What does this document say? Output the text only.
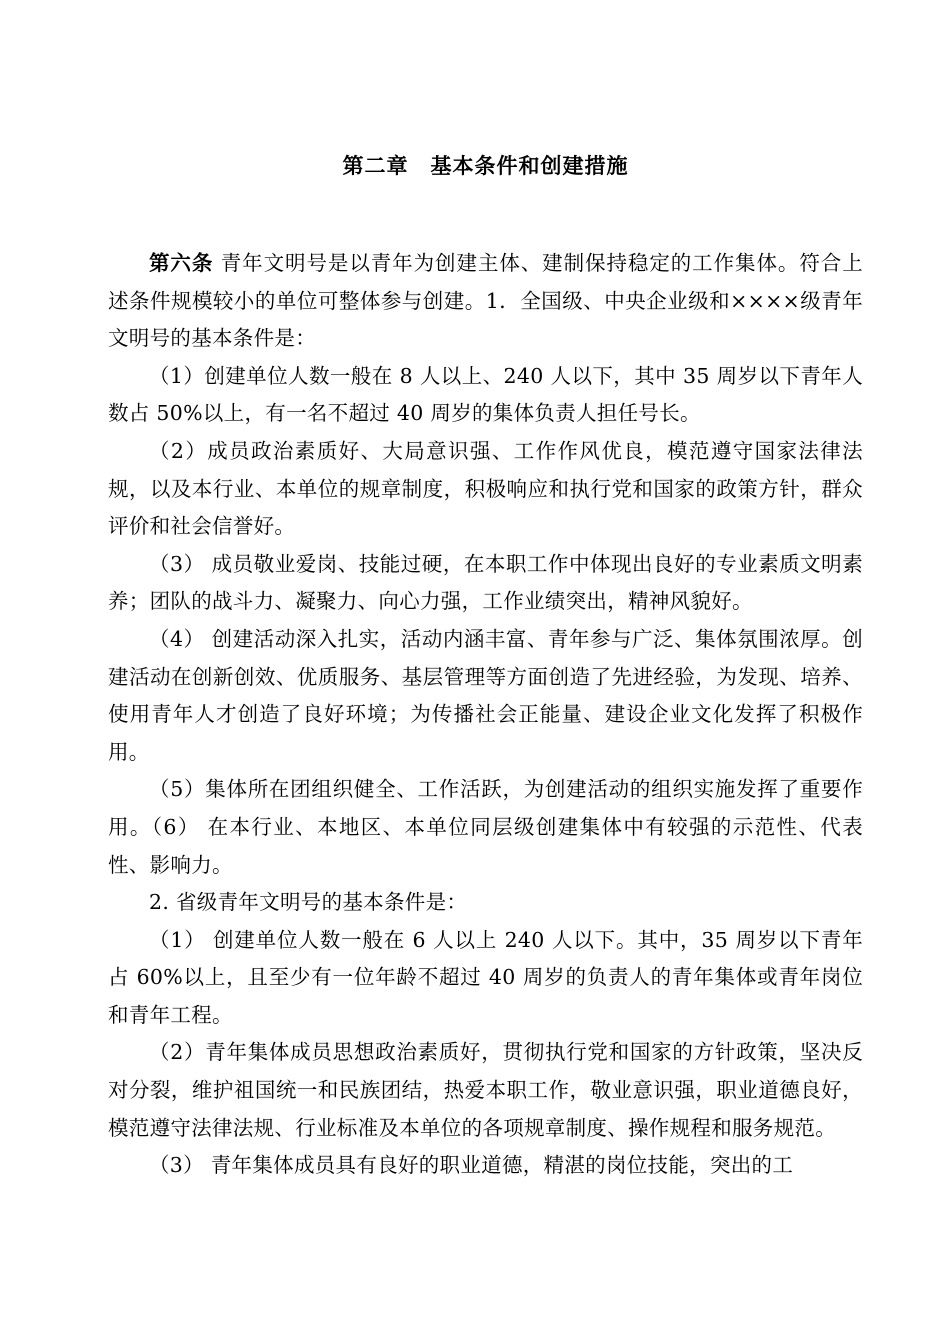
第二章　基本条件和创建措施

第六条 青年文明号是以青年为创建主体、建制保持稳定的工作集体。符合上述条件规模较小的单位可整体参与创建。1．全国级、中央企业级和××××级青年文明号的基本条件是：

（1）创建单位人数一般在 8 人以上、240 人以下，其中 35 周岁以下青年人数占 50%以上，有一名不超过 40 周岁的集体负责人担任号长。

（2）成员政治素质好、大局意识强、工作作风优良，模范遵守国家法律法规，以及本行业、本单位的规章制度，积极响应和执行党和国家的政策方针，群众评价和社会信誉好。

（3） 成员敬业爱岗、技能过硬，在本职工作中体现出良好的专业素质文明素养；团队的战斗力、凝聚力、向心力强，工作业绩突出，精神风貌好。

（4） 创建活动深入扎实，活动内涵丰富、青年参与广泛、集体氛围浓厚。创建活动在创新创效、优质服务、基层管理等方面创造了先进经验，为发现、培养、使用青年人才创造了良好环境；为传播社会正能量、建设企业文化发挥了积极作用。

（5）集体所在团组织健全、工作活跃，为创建活动的组织实施发挥了重要作用。（6） 在本行业、本地区、本单位同层级创建集体中有较强的示范性、代表性、影响力。

2. 省级青年文明号的基本条件是：

（1） 创建单位人数一般在 6 人以上 240 人以下。其中，35 周岁以下青年占 60%以上，且至少有一位年龄不超过 40 周岁的负责人的青年集体或青年岗位和青年工程。

（2）青年集体成员思想政治素质好，贯彻执行党和国家的方针政策，坚决反对分裂，维护祖国统一和民族团结，热爱本职工作，敬业意识强，职业道德良好，模范遵守法律法规、行业标准及本单位的各项规章制度、操作规程和服务规范。

（3） 青年集体成员具有良好的职业道德，精湛的岗位技能，突出的工
